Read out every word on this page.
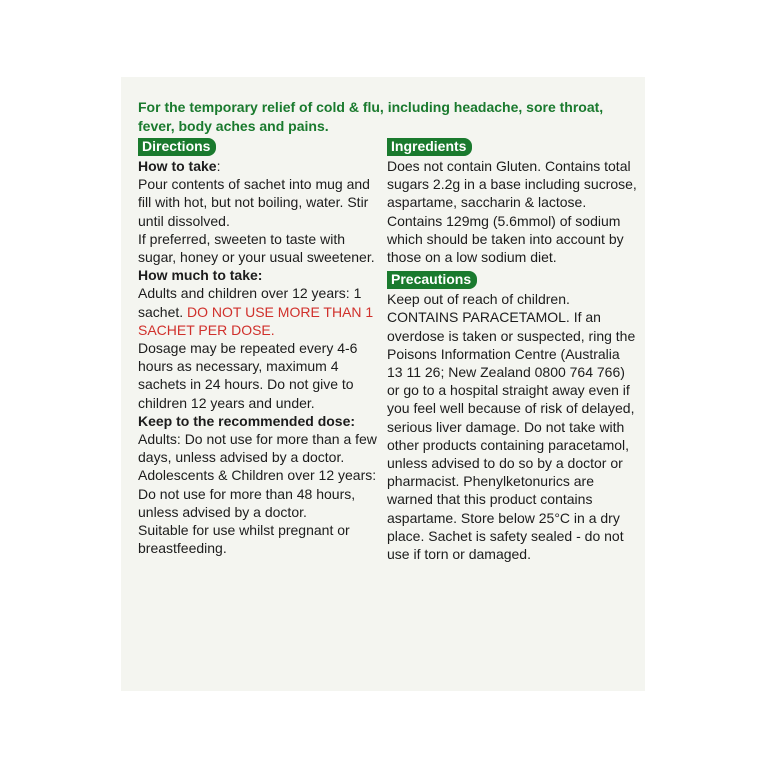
For the temporary relief of cold & flu, including headache, sore throat, fever, body aches and pains.
Directions

How to take:

Pour contents of sachet into mug and fill with hot, but not boiling, water. Stir until dissolved.

If preferred, sweeten to taste with sugar, honey or your usual sweetener.

How much to take:

Adults and children over 12 years: 1 sachet. DO NOT USE MORE THAN 1 SACHET PER DOSE.

Dosage may be repeated every 4-6 hours as necessary, maximum 4 sachets in 24 hours. Do not give to children 12 years and under.

Keep to the recommended dose:

Adults: Do not use for more than a few days, unless advised by a doctor.

Adolescents & Children over 12 years: Do not use for more than 48 hours, unless advised by a doctor.

Suitable for use whilst pregnant or breastfeeding.

Ingredients

Does not contain Gluten. Contains total sugars 2.2g in a base including sucrose, aspartame, saccharin & lactose. Contains 129mg (5.6mmol) of sodium which should be taken into account by those on a low sodium diet.

Precautions

Keep out of reach of children. CONTAINS PARACETAMOL. If an overdose is taken or suspected, ring the Poisons Information Centre (Australia 13 11 26; New Zealand 0800 764 766) or go to a hospital straight away even if you feel well because of risk of delayed, serious liver damage. Do not take with other products containing paracetamol, unless advised to do so by a doctor or pharmacist. Phenylketonurics are warned that this product contains aspartame. Store below 25°C in a dry place. Sachet is safety sealed - do not use if torn or damaged.
